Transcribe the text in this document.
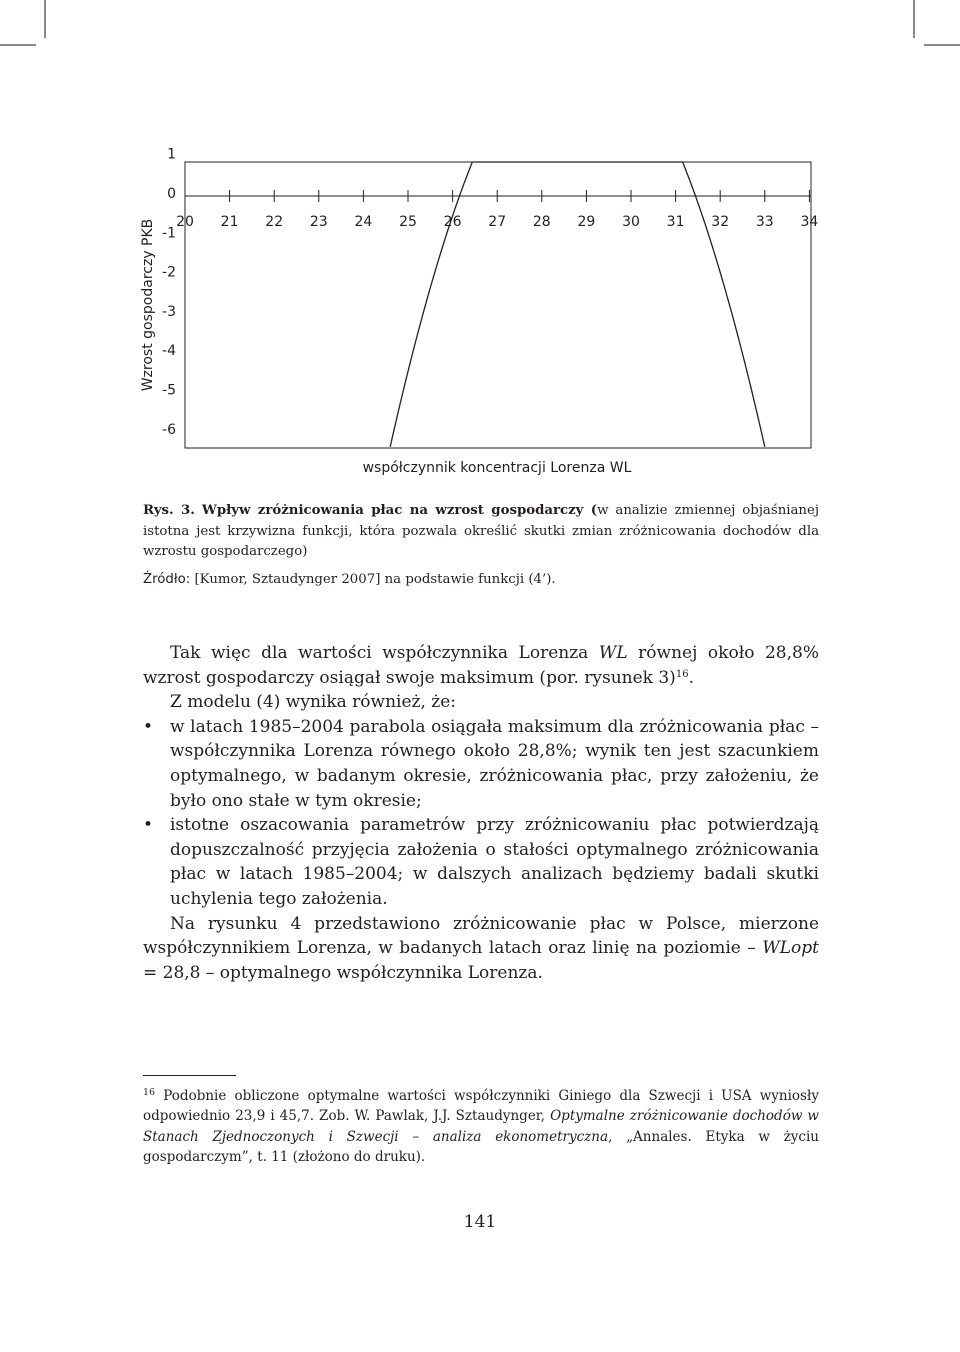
20 21 22 23 24 25 26 27 28 29 30 31 32 33 34
1
0
-1
-2
-3
-4
-5
-6
Wzrost gospodarczy PKB
współczynnik koncentracji Lorenza WL
Rys. 3. Wpływ zróżnicowania płac na wzrost gospodarczy (w analizie zmiennej objaśnianej istotna jest krzywizna funkcji, która pozwala określić skutki zmian zróżnicowania dochodów dla wzrostu gospodarczego)
Źródło: [Kumor, Sztaudynger 2007] na podstawie funkcji (4’).

Tak więc dla wartości współczynnika Lorenza WL równej około 28,8% wzrost gospodarczy osiągał swoje maksimum (por. rysunek 3)$^{16}$.

Z modelu (4) wynika również, że:

• w latach 1985–2004 parabola osiągała maksimum dla zróżnicowania płac – współczynnika Lorenza równego około 28,8%; wynik ten jest szacunkiem optymalnego, w badanym okresie, zróżnicowania płac, przy założeniu, że było ono stałe w tym okresie;
• istotne oszacowania parametrów przy zróżnicowaniu płac potwierdzają dopuszczalność przyjęcia założenia o stałości optymalnego zróżnicowania płac w latach 1985–2004; w dalszych analizach będziemy badali skutki uchylenia tego założenia.

Na rysunku 4 przedstawiono zróżnicowanie płac w Polsce, mierzone współczynnikiem Lorenza, w badanych latach oraz linię na poziomie – WLopt = 28,8 – optymalnego współczynnika Lorenza.

$^{16}$ Podobnie obliczone optymalne wartości współczynniki Giniego dla Szwecji i USA wyniosły odpowiednio 23,9 i 45,7. Zob. W. Pawlak, J.J. Sztaudynger, Optymalne zróżnicowanie dochodów w Stanach Zjednoczonych i Szwecji – analiza ekonometryczna, „Annales. Etyka w życiu gospodarczym”, t. 11 (złożono do druku).
141
